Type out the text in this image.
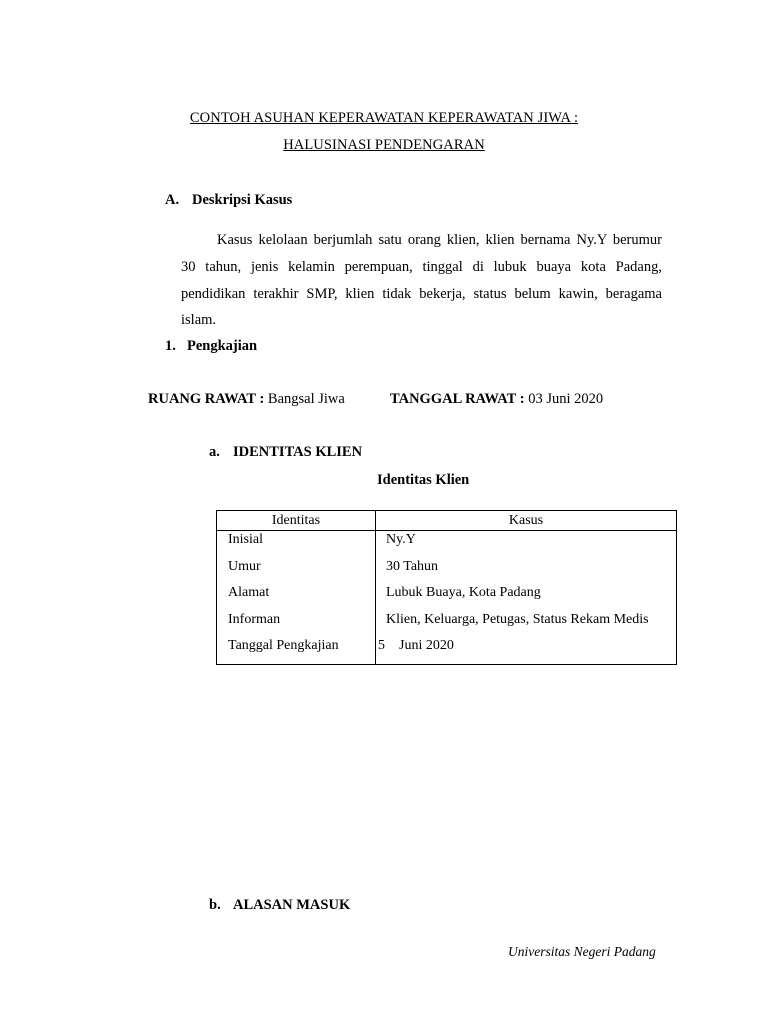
CONTOH ASUHAN KEPERAWATAN KEPERAWATAN JIWA :
HALUSINASI PENDENGARAN
A. Deskripsi Kasus
Kasus kelolaan berjumlah satu orang klien, klien bernama Ny.Y berumur
30 tahun, jenis kelamin perempuan, tinggal di lubuk buaya kota Padang,
pendidikan terakhir SMP, klien tidak bekerja, status belum kawin, beragama
islam.
1. Pengkajian
RUANG RAWAT : Bangsal Jiwa	TANGGAL RAWAT : 03 Juni 2020
a. IDENTITAS KLIEN
Identitas Klien
Identitas	Kasus
Inisial	Ny.Y
Umur	30 Tahun
Alamat	Lubuk Buaya, Kota Padang
Informan	Klien, Keluarga, Petugas, Status Rekam Medis
Tanggal Pengkajian	5    Juni 2020
b. ALASAN MASUK
Universitas Negeri Padang
